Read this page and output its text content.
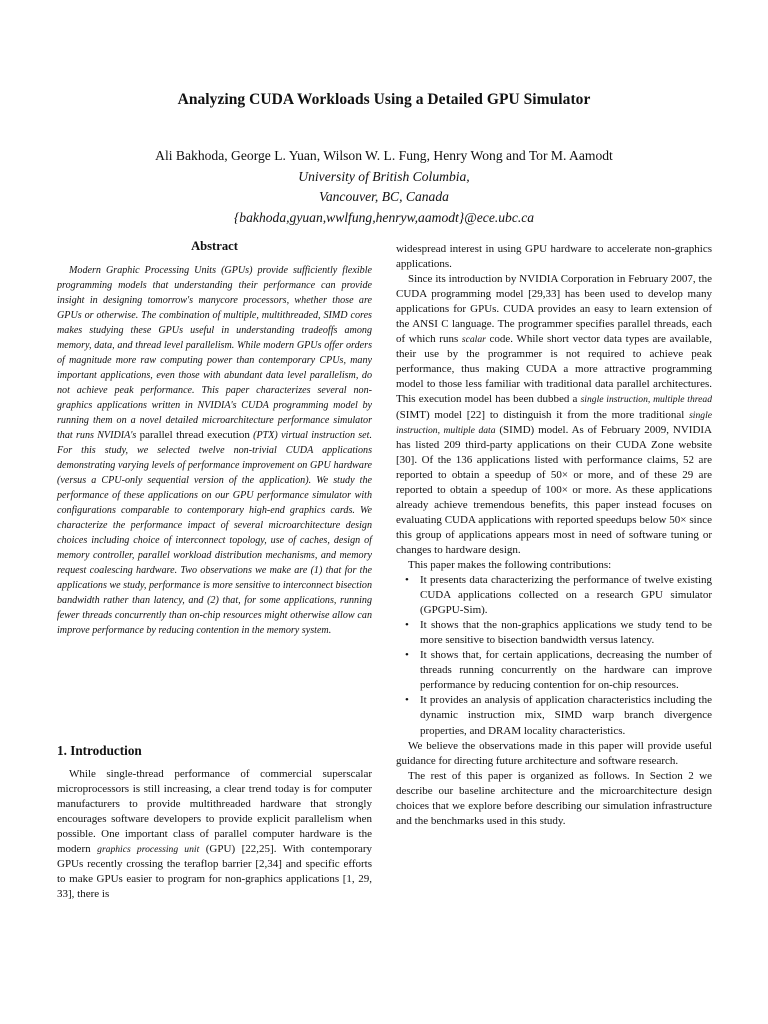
Analyzing CUDA Workloads Using a Detailed GPU Simulator
Ali Bakhoda, George L. Yuan, Wilson W. L. Fung, Henry Wong and Tor M. Aamodt
University of British Columbia,
Vancouver, BC, Canada
{bakhoda,gyuan,wwlfung,henryw,aamodt}@ece.ubc.ca
Abstract
Modern Graphic Processing Units (GPUs) provide sufficiently flexible programming models that understanding their performance can provide insight in designing tomorrow's manycore processors, whether those are GPUs or otherwise. The combination of multiple, multithreaded, SIMD cores makes studying these GPUs useful in understanding tradeoffs among memory, data, and thread level parallelism. While modern GPUs offer orders of magnitude more raw computing power than contemporary CPUs, many important applications, even those with abundant data level parallelism, do not achieve peak performance. This paper characterizes several non-graphics applications written in NVIDIA's CUDA programming model by running them on a novel detailed microarchitecture performance simulator that runs NVIDIA's parallel thread execution (PTX) virtual instruction set. For this study, we selected twelve non-trivial CUDA applications demonstrating varying levels of performance improvement on GPU hardware (versus a CPU-only sequential version of the application). We study the performance of these applications on our GPU performance simulator with configurations comparable to contemporary high-end graphics cards. We characterize the performance impact of several microarchitecture design choices including choice of interconnect topology, use of caches, design of memory controller, parallel workload distribution mechanisms, and memory request coalescing hardware. Two observations we make are (1) that for the applications we study, performance is more sensitive to interconnect bisection bandwidth rather than latency, and (2) that, for some applications, running fewer threads concurrently than on-chip resources might otherwise allow can improve performance by reducing contention in the memory system.
1. Introduction
While single-thread performance of commercial superscalar microprocessors is still increasing, a clear trend today is for computer manufacturers to provide multithreaded hardware that strongly encourages software developers to provide explicit parallelism when possible. One important class of parallel computer hardware is the modern graphics processing unit (GPU) [22,25]. With contemporary GPUs recently crossing the teraflop barrier [2,34] and specific efforts to make GPUs easier to program for non-graphics applications [1, 29, 33], there is

widespread interest in using GPU hardware to accelerate non-graphics applications.

Since its introduction by NVIDIA Corporation in February 2007, the CUDA programming model [29,33] has been used to develop many applications for GPUs. CUDA provides an easy to learn extension of the ANSI C language. The programmer specifies parallel threads, each of which runs scalar code. While short vector data types are available, their use by the programmer is not required to achieve peak performance, thus making CUDA a more attractive programming model to those less familiar with traditional data parallel architectures. This execution model has been dubbed a single instruction, multiple thread (SIMT) model [22] to distinguish it from the more traditional single instruction, multiple data (SIMD) model. As of February 2009, NVIDIA has listed 209 third-party applications on their CUDA Zone website [30]. Of the 136 applications listed with performance claims, 52 are reported to obtain a speedup of 50× or more, and of these 29 are reported to obtain a speedup of 100× or more. As these applications already achieve tremendous benefits, this paper instead focuses on evaluating CUDA applications with reported speedups below 50× since this group of applications appears most in need of software tuning or changes to hardware design.

This paper makes the following contributions:

• It presents data characterizing the performance of twelve existing CUDA applications collected on a research GPU simulator (GPGPU-Sim).
• It shows that the non-graphics applications we study tend to be more sensitive to bisection bandwidth versus latency.
• It shows that, for certain applications, decreasing the number of threads running concurrently on the hardware can improve performance by reducing contention for on-chip resources.
• It provides an analysis of application characteristics including the dynamic instruction mix, SIMD warp branch divergence properties, and DRAM locality characteristics.

We believe the observations made in this paper will provide useful guidance for directing future architecture and software research.

The rest of this paper is organized as follows. In Section 2 we describe our baseline architecture and the microarchitecture design choices that we explore before describing our simulation infrastructure and the benchmarks used in this study.
